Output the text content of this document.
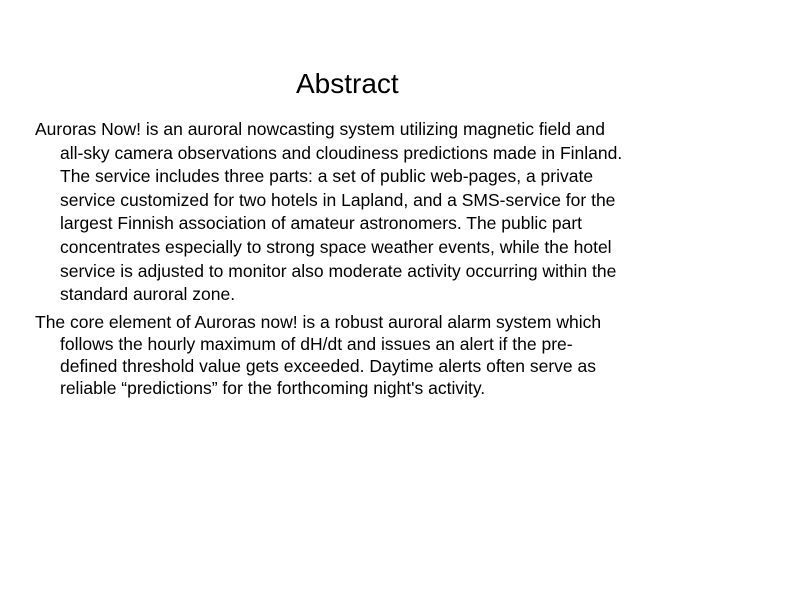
Abstract
Auroras Now! is an auroral nowcasting system utilizing magnetic field and
all-sky camera observations and cloudiness predictions made in Finland.
The service includes three parts: a set of public web-pages, a private
service customized for two hotels in Lapland, and a SMS-service for the
largest Finnish association of amateur astronomers. The public part
concentrates especially to strong space weather events, while the hotel
service is adjusted to monitor also moderate activity occurring within the
standard auroral zone.
The core element of Auroras now! is a robust auroral alarm system which
follows the hourly maximum of dH/dt and issues an alert if the pre-
defined threshold value gets exceeded. Daytime alerts often serve as
reliable “predictions” for the forthcoming night's activity.
